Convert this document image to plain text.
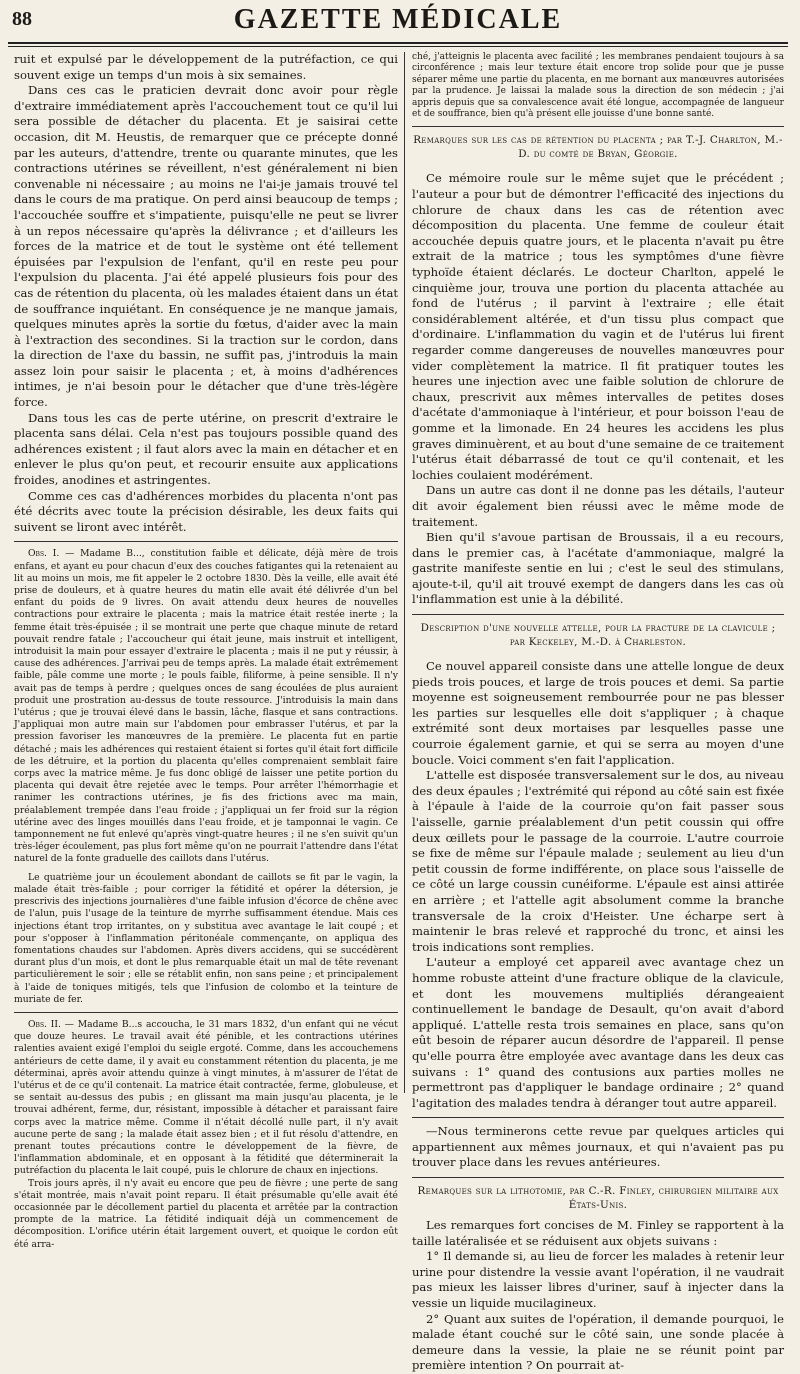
88	GAZETTE MÉDICALE

ruit et expulsé par le développement de la putréfaction, ce qui souvent exige un temps d'un mois à six semaines.

Dans ces cas le praticien devrait donc avoir pour règle d'extraire immédiatement après l'accouchement tout ce qu'il lui sera possible de détacher du placenta. Et je saisirai cette occasion, dit M. Heustis, de remarquer que ce précepte donné par les auteurs, d'attendre, trente ou quarante minutes, que les contractions utérines se réveillent, n'est généralement ni bien convenable ni nécessaire ; au moins ne l'ai-je jamais trouvé tel dans le cours de ma pratique. On perd ainsi beaucoup de temps ; l'accouchée souffre et s'impatiente, puisqu'elle ne peut se livrer à un repos nécessaire qu'après la délivrance ; et d'ailleurs les forces de la matrice et de tout le système ont été tellement épuisées par l'expulsion de l'enfant, qu'il en reste peu pour l'expulsion du placenta. J'ai été appelé plusieurs fois pour des cas de rétention du placenta, où les malades étaient dans un état de souffrance inquiétant. En conséquence je ne manque jamais, quelques minutes après la sortie du fœtus, d'aider avec la main à l'extraction des secondines. Si la traction sur le cordon, dans la direction de l'axe du bassin, ne suffit pas, j'introduis la main assez loin pour saisir le placenta ; et, à moins d'adhérences intimes, je n'ai besoin pour le détacher que d'une très-légère force.

Dans tous les cas de perte utérine, on prescrit d'extraire le placenta sans délai. Cela n'est pas toujours possible quand des adhérences existent ; il faut alors avec la main en détacher et en enlever le plus qu'on peut, et recourir ensuite aux applications froides, anodines et astringentes.

Comme ces cas d'adhérences morbides du placenta n'ont pas été décrits avec toute la précision désirable, les deux faits qui suivent se liront avec intérêt.

Obs. I. — Madame B..., constitution faible et délicate, déjà mère de trois enfans, et ayant eu pour chacun d'eux des couches fatigantes qui la retenaient au lit au moins un mois, me fit appeler le 2 octobre 1830. Dès la veille, elle avait été prise de douleurs, et à quatre heures du matin elle avait été délivrée d'un bel enfant du poids de 9 livres. On avait attendu deux heures de nouvelles contractions pour extraire le placenta ; mais la matrice était restée inerte ; la femme était très-épuisée ; il se montrait une perte que chaque minute de retard pouvait rendre fatale ; l'accoucheur qui était jeune, mais instruit et intelligent, introduisit la main pour essayer d'extraire le placenta ; mais il ne put y réussir, à cause des adhérences. J'arrivai peu de temps après. La malade était extrêmement faible, pâle comme une morte ; le pouls faible, filiforme, à peine sensible. Il n'y avait pas de temps à perdre ; quelques onces de sang écoulées de plus auraient produit une prostration au-dessus de toute ressource. J'introduisis la main dans l'utérus ; que je trouvai élevé dans le bassin, lâche, flasque et sans contractions. J'appliquai mon autre main sur l'abdomen pour embrasser l'utérus, et par la pression favoriser les manœuvres de la première. Le placenta fut en partie détaché ; mais les adhérences qui restaient étaient si fortes qu'il était fort difficile de les détruire, et la portion du placenta qu'elles comprenaient semblait faire corps avec la matrice même. Je fus donc obligé de laisser une petite portion du placenta qui devait être rejetée avec le temps. Pour arrêter l'hémorrhagie et ranimer les contractions utérines, je fis des frictions avec ma main, préalablement trempée dans l'eau froide ; j'appliquai un fer froid sur la région utérine avec des linges mouillés dans l'eau froide, et je tamponnai le vagin. Ce tamponnement ne fut enlevé qu'après vingt-quatre heures ; il ne s'en suivit qu'un très-léger écoulement, pas plus fort même qu'on ne pourrait l'attendre dans l'état naturel de la fonte graduelle des caillots dans l'utérus.

Le quatrième jour un écoulement abondant de caillots se fit par le vagin, la malade était très-faible ; pour corriger la fétidité et opérer la détersion, je prescrivis des injections journalières d'une faible infusion d'écorce de chêne avec de l'alun, puis l'usage de la teinture de myrrhe suffisamment étendue. Mais ces injections étant trop irritantes, on y substitua avec avantage le lait coupé ; et pour s'opposer à l'inflammation péritonéale commençante, on appliqua des fomentations chaudes sur l'abdomen. Après divers accidens, qui se succédèrent durant plus d'un mois, et dont le plus remarquable était un mal de tête revenant particulièrement le soir ; elle se rétablit enfin, non sans peine ; et principalement à l'aide de toniques mitigés, tels que l'infusion de colombo et la teinture de muriate de fer.

Obs. II. — Madame B...s accoucha, le 31 mars 1832, d'un enfant qui ne vécut que douze heures. Le travail avait été pénible, et les contractions utérines ralenties avaient exigé l'emploi du seigle ergoté. Comme, dans les accouchemens antérieurs de cette dame, il y avait eu constamment rétention du placenta, je me déterminai, après avoir attendu quinze à vingt minutes, à m'assurer de l'état de l'utérus et de ce qu'il contenait. La matrice était contractée, ferme, globuleuse, et se sentait au-dessus des pubis ; en glissant ma main jusqu'au placenta, je le trouvai adhérent, ferme, dur, résistant, impossible à détacher et paraissant faire corps avec la matrice même. Comme il n'était décollé nulle part, il n'y avait aucune perte de sang ; la malade était assez bien ; et il fut résolu d'attendre, en prenant toutes précautions contre le développement de la fièvre, de l'inflammation abdominale, et en opposant à la fétidité que déterminerait la putréfaction du placenta le lait coupé, puis le chlorure de chaux en injections.

Trois jours après, il n'y avait eu encore que peu de fièvre ; une perte de sang s'était montrée, mais n'avait point reparu. Il était présumable qu'elle avait été occasionnée par le décollement partiel du placenta et arrêtée par la contraction prompte de la matrice. La fétidité indiquait déjà un commencement de décomposition. L'orifice utérin était largement ouvert, et quoique le cordon eût été arra-

ché, j'atteignis le placenta avec facilité ; les membranes pendaient toujours à sa circonférence ; mais leur texture était encore trop solide pour que je pusse séparer même une partie du placenta, en me bornant aux manœuvres autorisées par la prudence. Je laissai la malade sous la direction de son médecin ; j'ai appris depuis que sa convalescence avait été longue, accompagnée de langueur et de souffrance, bien qu'à présent elle jouisse d'une bonne santé.

Remarques sur les cas de rétention du placenta ; par T.-J. Charlton, M.-D. du comté de Bryan, Géorgie.

Ce mémoire roule sur le même sujet que le précédent ; l'auteur a pour but de démontrer l'efficacité des injections du chlorure de chaux dans les cas de rétention avec décomposition du placenta. Une femme de couleur était accouchée depuis quatre jours, et le placenta n'avait pu être extrait de la matrice ; tous les symptômes d'une fièvre typhoïde étaient déclarés. Le docteur Charlton, appelé le cinquième jour, trouva une portion du placenta attachée au fond de l'utérus ; il parvint à l'extraire ; elle était considérablement altérée, et d'un tissu plus compact que d'ordinaire. L'inflammation du vagin et de l'utérus lui firent regarder comme dangereuses de nouvelles manœuvres pour vider complètement la matrice. Il fit pratiquer toutes les heures une injection avec une faible solution de chlorure de chaux, prescrivit aux mêmes intervalles de petites doses d'acétate d'ammoniaque à l'intérieur, et pour boisson l'eau de gomme et la limonade. En 24 heures les accidens les plus graves diminuèrent, et au bout d'une semaine de ce traitement l'utérus était débarrassé de tout ce qu'il contenait, et les lochies coulaient modérément.

Dans un autre cas dont il ne donne pas les détails, l'auteur dit avoir également bien réussi avec le même mode de traitement.

Bien qu'il s'avoue partisan de Broussais, il a eu recours, dans le premier cas, à l'acétate d'ammoniaque, malgré la gastrite manifeste sentie en lui ; c'est le seul des stimulans, ajoute-t-il, qu'il ait trouvé exempt de dangers dans les cas où l'inflammation est unie à la débilité.

Description d'une nouvelle attelle, pour la fracture de la clavicule ; par Keckeley, M.-D. à Charleston.

Ce nouvel appareil consiste dans une attelle longue de deux pieds trois pouces, et large de trois pouces et demi. Sa partie moyenne est soigneusement rembourrée pour ne pas blesser les parties sur lesquelles elle doit s'appliquer ; à chaque extrémité sont deux mortaises par lesquelles passe une courroie également garnie, et qui se serra au moyen d'une boucle. Voici comment s'en fait l'application.

L'attelle est disposée transversalement sur le dos, au niveau des deux épaules ; l'extrémité qui répond au côté sain est fixée à l'épaule à l'aide de la courroie qu'on fait passer sous l'aisselle, garnie préalablement d'un petit coussin qui offre deux œillets pour le passage de la courroie. L'autre courroie se fixe de même sur l'épaule malade ; seulement au lieu d'un petit coussin de forme indifférente, on place sous l'aisselle de ce côté un large coussin cunéiforme. L'épaule est ainsi attirée en arrière ; et l'attelle agit absolument comme la branche transversale de la croix d'Heister. Une écharpe sert à maintenir le bras relevé et rapproché du tronc, et ainsi les trois indications sont remplies.

L'auteur a employé cet appareil avec avantage chez un homme robuste atteint d'une fracture oblique de la clavicule, et dont les mouvemens multipliés dérangeaient continuellement le bandage de Desault, qu'on avait d'abord appliqué. L'attelle resta trois semaines en place, sans qu'on eût besoin de réparer aucun désordre de l'appareil. Il pense qu'elle pourra être employée avec avantage dans les deux cas suivans : 1° quand des contusions aux parties molles ne permettront pas d'appliquer le bandage ordinaire ; 2° quand l'agitation des malades tendra à déranger tout autre appareil.

—Nous terminerons cette revue par quelques articles qui appartiennent aux mêmes journaux, et qui n'avaient pas pu trouver place dans les revues antérieures.

Remarques sur la lithotomie, par C.-R. Finley, chirurgien militaire aux États-Unis.

Les remarques fort concises de M. Finley se rapportent à la taille latéralisée et se réduisent aux objets suivans :

1° Il demande si, au lieu de forcer les malades à retenir leur urine pour distendre la vessie avant l'opération, il ne vaudrait pas mieux les laisser libres d'uriner, sauf à injecter dans la vessie un liquide mucilagineux.

2° Quant aux suites de l'opération, il demande pourquoi, le malade étant couché sur le côté sain, une sonde placée à demeure dans la vessie, la plaie ne se réunit point par première intention ? On pourrait at-
